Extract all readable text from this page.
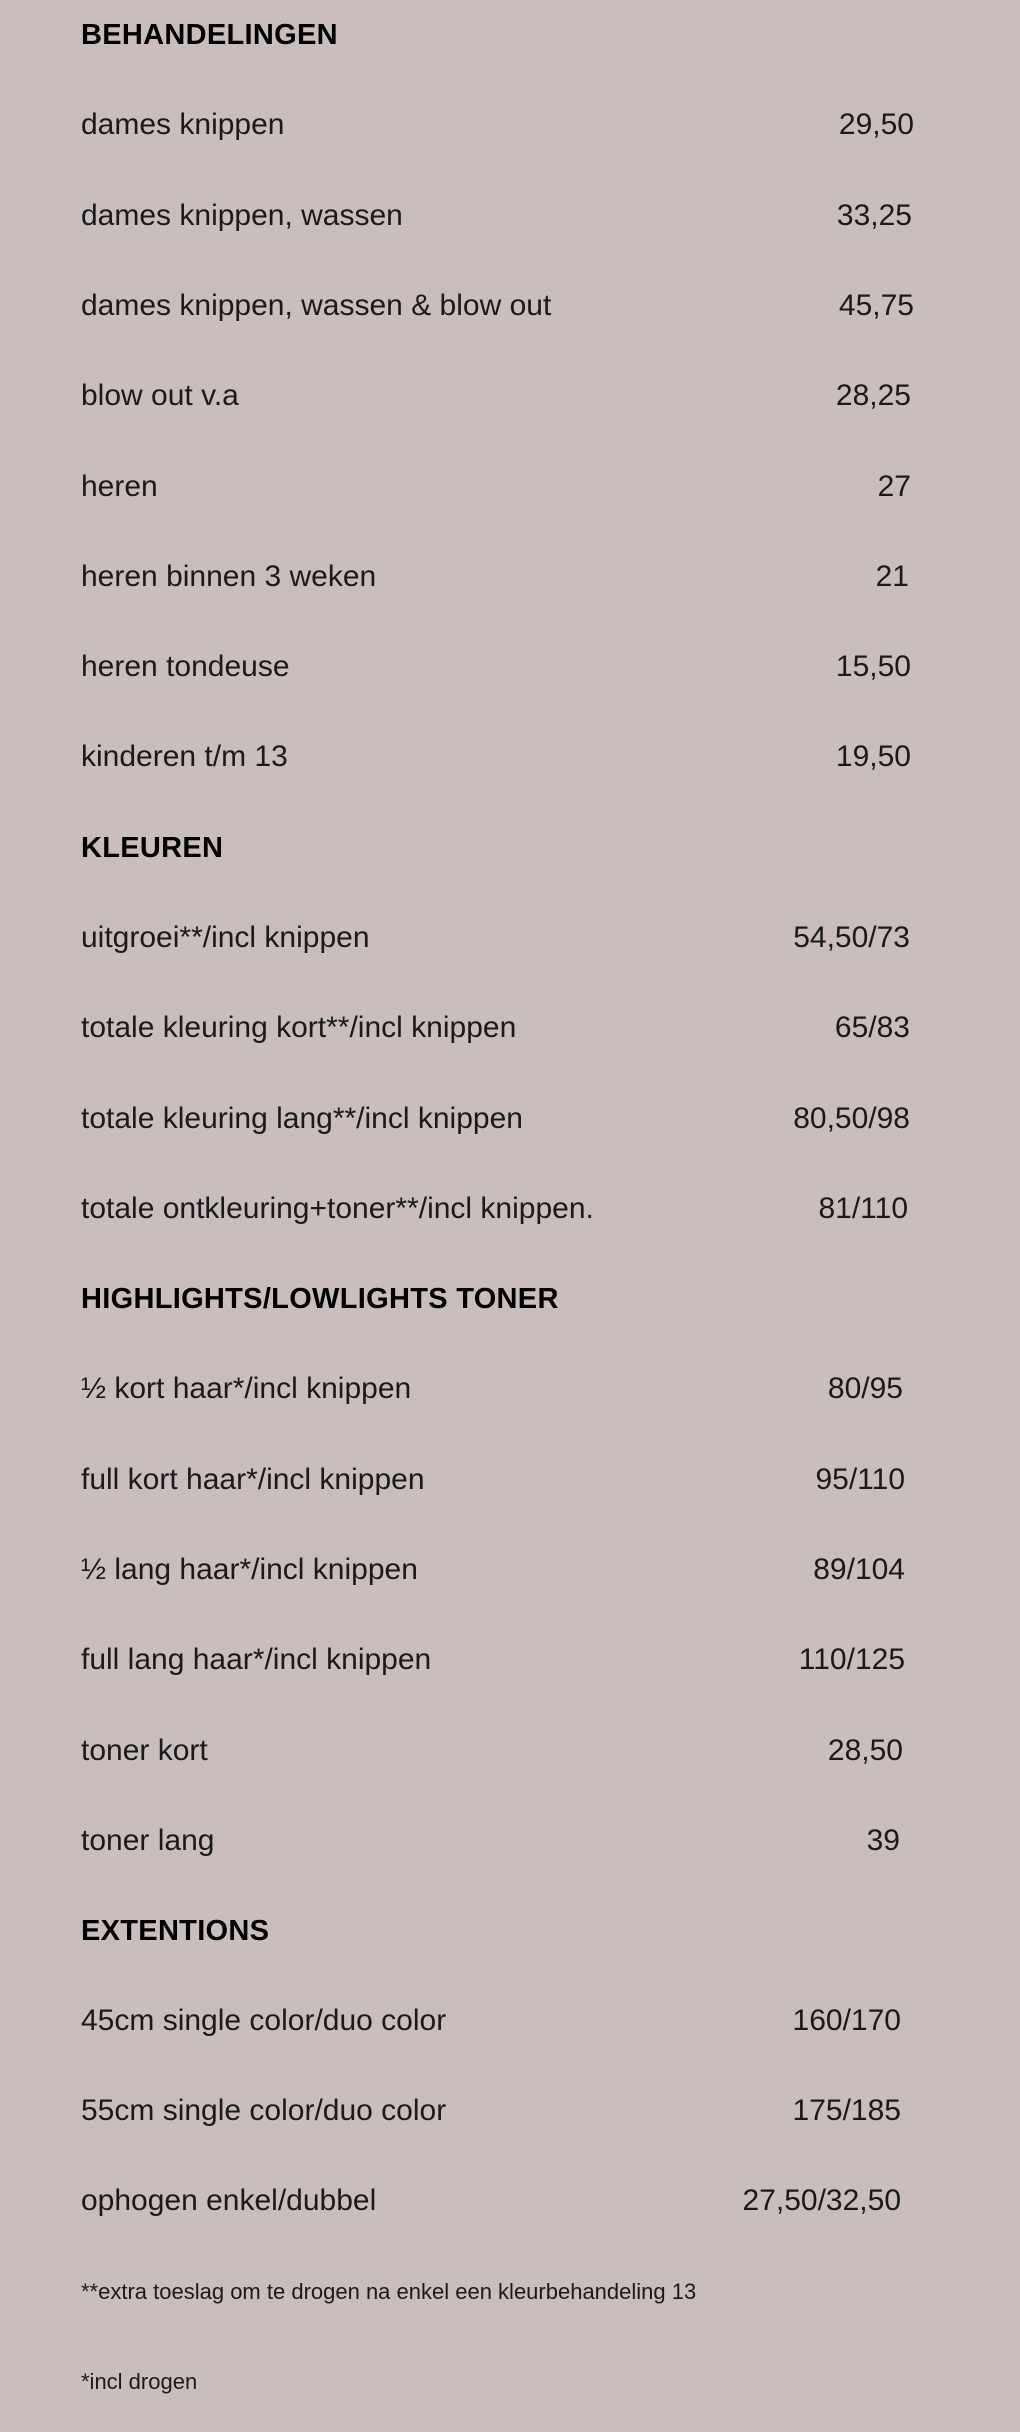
BEHANDELINGEN
dames knippen	29,50
dames knippen, wassen	33,25
dames knippen, wassen & blow out	45,75
blow out v.a	28,25
heren	27
heren binnen 3 weken	21
heren tondeuse	15,50
kinderen t/m 13	19,50
KLEUREN
uitgroei**/incl knippen	54,50/73
totale kleuring kort**/incl knippen	65/83
totale kleuring lang**/incl knippen	80,50/98
totale ontkleuring+toner**/incl knippen.	81/110
HIGHLIGHTS/LOWLIGHTS TONER
½ kort haar*/incl knippen	80/95
full kort haar*/incl knippen	95/110
½ lang haar*/incl knippen	89/104
full lang haar*/incl knippen	110/125
toner kort	28,50
toner lang	39
EXTENTIONS
45cm single color/duo color	160/170
55cm single color/duo color	175/185
ophogen enkel/dubbel	27,50/32,50
**extra toeslag om te drogen na enkel een kleurbehandeling 13
*incl drogen
